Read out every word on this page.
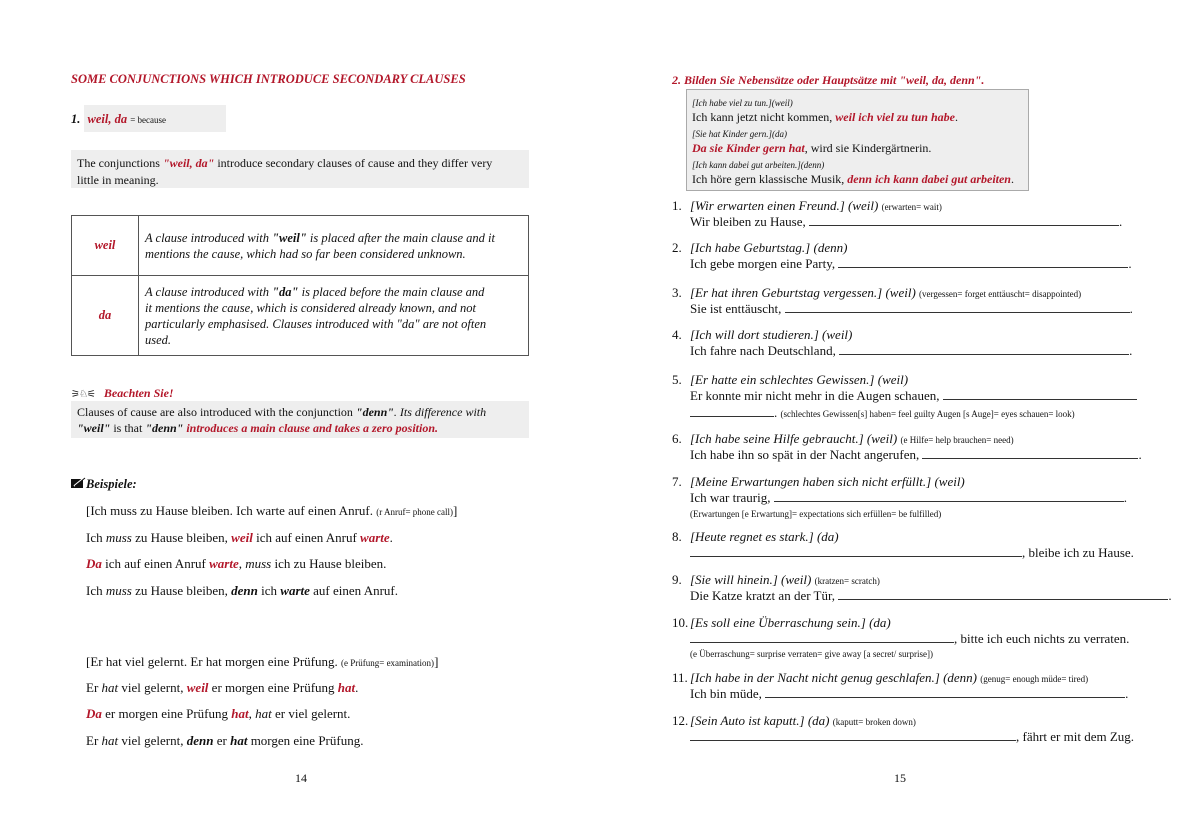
SOME CONJUNCTIONS WHICH INTRODUCE SECONDARY CLAUSES
1. weil, da = because
The conjunctions "weil, da" introduce secondary clauses of cause and they differ very
little in meaning.
weil	A clause introduced with "weil" is placed after the main clause and it
mentions the cause, which had so far been considered unknown.
da	A clause introduced with "da" is placed before the main clause and
it mentions the cause, which is considered already known, and not
particularly emphasised. Clauses introduced with "da" are not often
used.
⚞♘⚟ Beachten Sie!
Clauses of cause are also introduced with the conjunction "denn". Its difference with
"weil" is that "denn" introduces a main clause and takes a zero position.
Beispiele:
[Ich muss zu Hause bleiben. Ich warte auf einen Anruf. (r Anruf= phone call)]
Ich muss zu Hause bleiben, weil ich auf einen Anruf warte.
Da ich auf einen Anruf warte, muss ich zu Hause bleiben.
Ich muss zu Hause bleiben, denn ich warte auf einen Anruf.
[Er hat viel gelernt. Er hat morgen eine Prüfung. (e Prüfung= examination)]
Er hat viel gelernt, weil er morgen eine Prüfung hat.
Da er morgen eine Prüfung hat, hat er viel gelernt.
Er hat viel gelernt, denn er hat morgen eine Prüfung.
14
2. Bilden Sie Nebensätze oder Hauptsätze mit "weil, da, denn".
[Ich habe viel zu tun.](weil)
Ich kann jetzt nicht kommen, weil ich viel zu tun habe.
[Sie hat Kinder gern.](da)
Da sie Kinder gern hat, wird sie Kindergärtnerin.
[Ich kann dabei gut arbeiten.](denn)
Ich höre gern klassische Musik, denn ich kann dabei gut arbeiten.
1. [Wir erwarten einen Freund.] (weil) (erwarten= wait)
Wir bleiben zu Hause,	.
2. [Ich habe Geburtstag.] (denn)
Ich gebe morgen eine Party,	.
3. [Er hat ihren Geburtstag vergessen.] (weil) (vergessen= forget enttäuscht= disappointed)
Sie ist enttäuscht,	.
4. [Ich will dort studieren.] (weil)
Ich fahre nach Deutschland,	.
5. [Er hatte ein schlechtes Gewissen.] (weil)
Er konnte mir nicht mehr in die Augen schauen,
. (schlechtes Gewissen[s] haben= feel guilty Augen [s Auge]= eyes schauen= look)
6. [Ich habe seine Hilfe gebraucht.] (weil) (e Hilfe= help brauchen= need)
Ich habe ihn so spät in der Nacht angerufen,	.
7. [Meine Erwartungen haben sich nicht erfüllt.] (weil)
Ich war traurig,	.
(Erwartungen [e Erwartung]= expectations sich erfüllen= be fulfilled)
8. [Heute regnet es stark.] (da)
, bleibe ich zu Hause.
9. [Sie will hinein.] (weil) (kratzen= scratch)
Die Katze kratzt an der Tür,	.
10. [Es soll eine Überraschung sein.] (da)
, bitte ich euch nichts zu verraten.
(e Überraschung= surprise verraten= give away [a secret/ surprise])
11. [Ich habe in der Nacht nicht genug geschlafen.] (denn) (genug= enough müde= tired)
Ich bin müde,	.
12. [Sein Auto ist kaputt.] (da) (kaputt= broken down)
, fährt er mit dem Zug.
15
